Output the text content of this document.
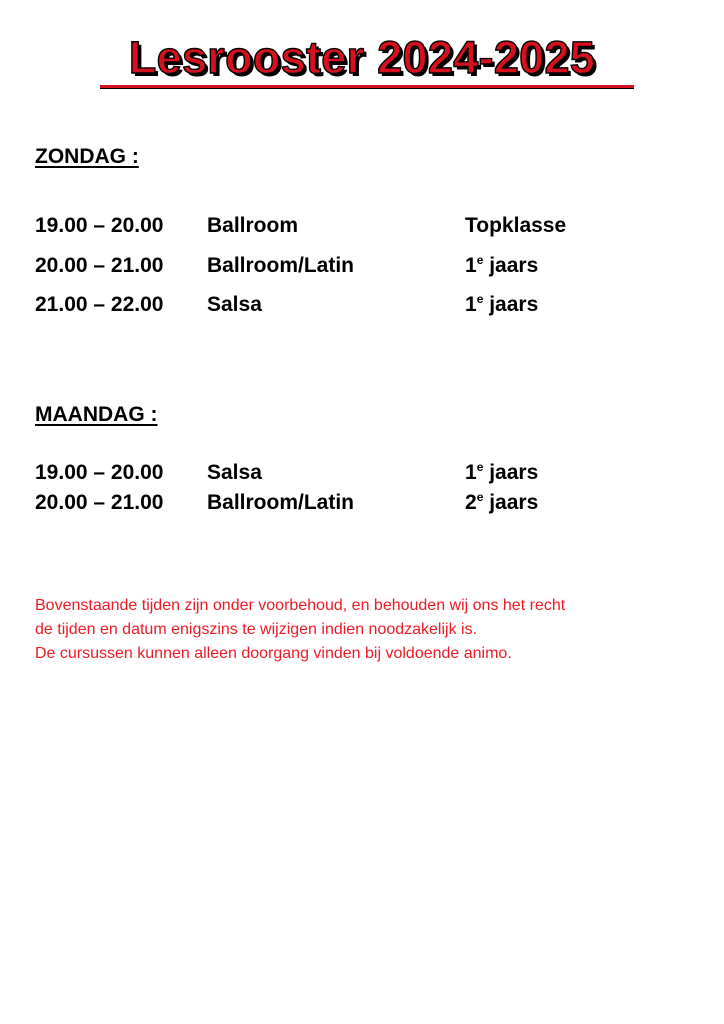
Lesrooster 2024-2025
ZONDAG :
19.00 – 20.00 Ballroom	Topklasse
20.00 – 21.00 Ballroom/Latin	1e jaars
21.00 – 22.00 Salsa	1e jaars
MAANDAG :
19.00 – 20.00 Salsa	1e jaars
20.00 – 21.00 Ballroom/Latin	2e jaars
Bovenstaande tijden zijn onder voorbehoud, en behouden wij ons het recht
de tijden en datum enigszins te wijzigen indien noodzakelijk is.
De cursussen kunnen alleen doorgang vinden bij voldoende animo.
